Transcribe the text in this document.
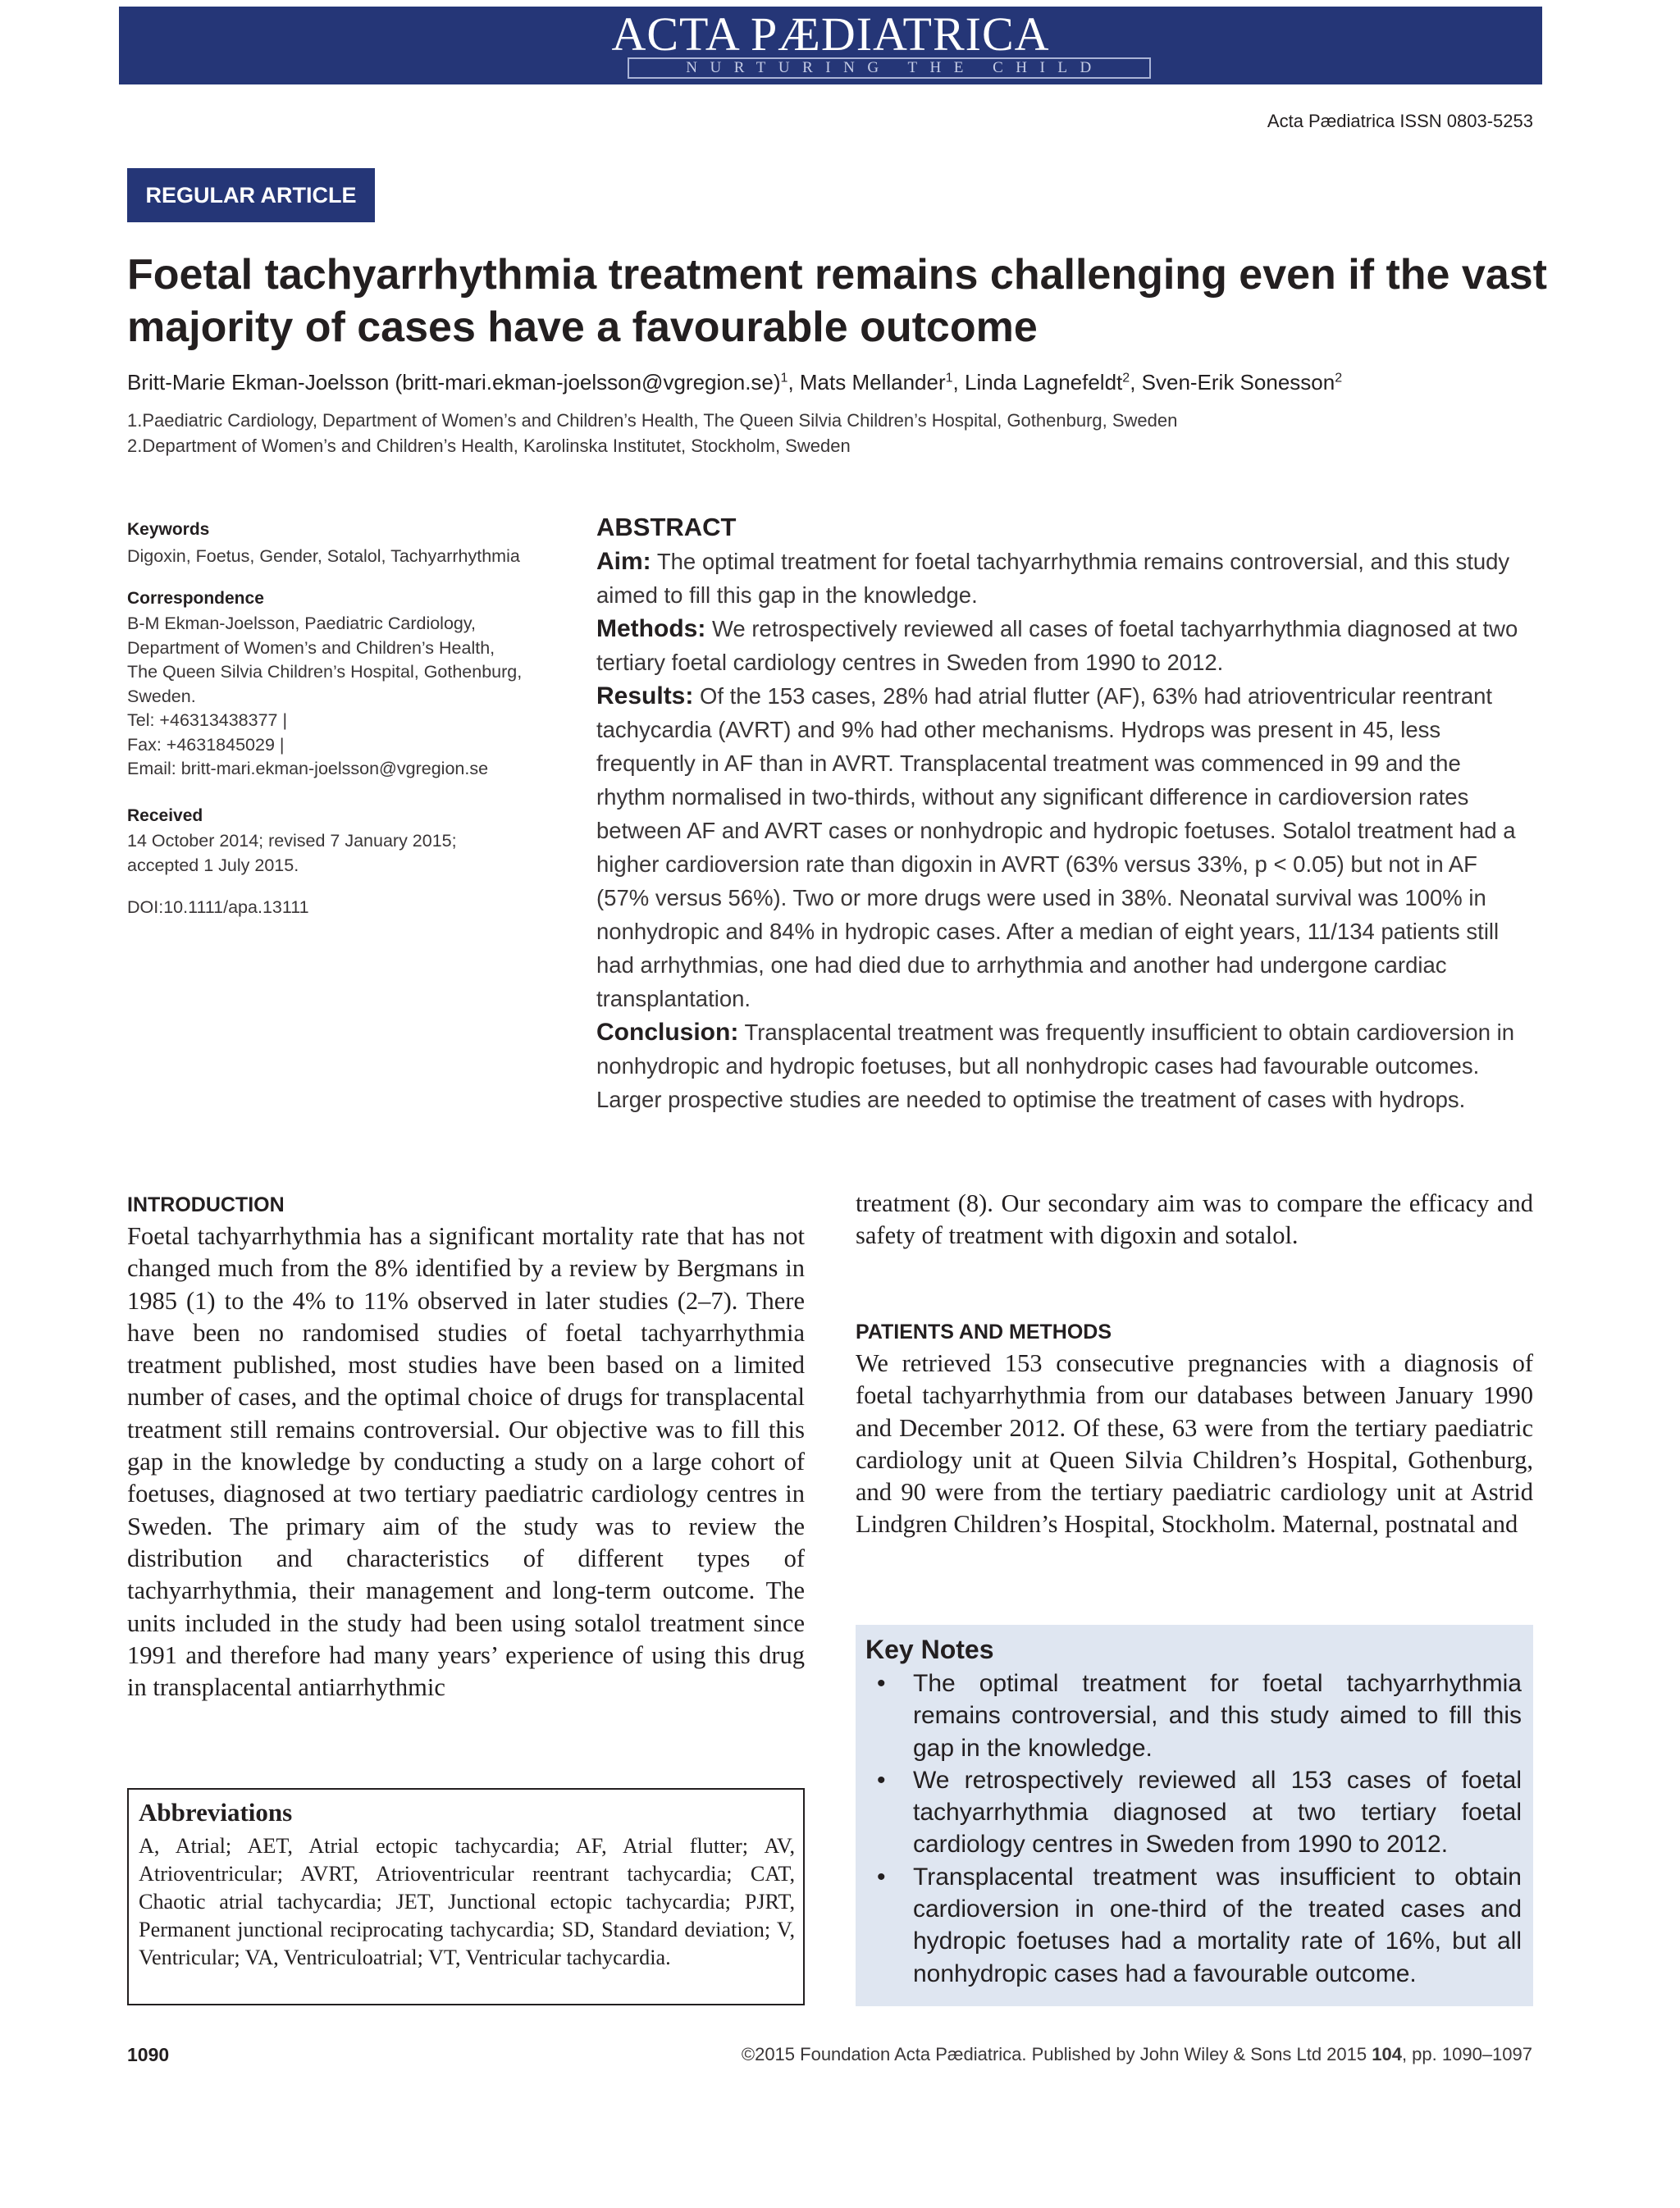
ACTA PÆDIATRICA
NURTURING THE CHILD
Acta Pædiatrica ISSN 0803-5253
REGULAR ARTICLE
Foetal tachyarrhythmia treatment remains challenging even if the vast majority of cases have a favourable outcome
Britt-Marie Ekman-Joelsson (britt-mari.ekman-joelsson@vgregion.se)$^1$, Mats Mellander$^1$, Linda Lagnefeldt$^2$, Sven-Erik Sonesson$^2$
1.Paediatric Cardiology, Department of Women’s and Children’s Health, The Queen Silvia Children’s Hospital, Gothenburg, Sweden
2.Department of Women’s and Children’s Health, Karolinska Institutet, Stockholm, Sweden
Keywords
Digoxin, Foetus, Gender, Sotalol, Tachyarrhythmia
Correspondence
B-M Ekman-Joelsson, Paediatric Cardiology,
Department of Women’s and Children’s Health,
The Queen Silvia Children’s Hospital, Gothenburg,
Sweden.
Tel: +46313438377 |
Fax: +4631845029 |
Email: britt-mari.ekman-joelsson@vgregion.se
Received
14 October 2014; revised 7 January 2015;
accepted 1 July 2015.
DOI:10.1111/apa.13111
ABSTRACT

Aim: The optimal treatment for foetal tachyarrhythmia remains controversial, and this study aimed to fill this gap in the knowledge.

Methods: We retrospectively reviewed all cases of foetal tachyarrhythmia diagnosed at two tertiary foetal cardiology centres in Sweden from 1990 to 2012.

Results: Of the 153 cases, 28% had atrial flutter (AF), 63% had atrioventricular reentrant tachycardia (AVRT) and 9% had other mechanisms. Hydrops was present in 45, less frequently in AF than in AVRT. Transplacental treatment was commenced in 99 and the rhythm normalised in two-thirds, without any significant difference in cardioversion rates between AF and AVRT cases or nonhydropic and hydropic foetuses. Sotalol treatment had a higher cardioversion rate than digoxin in AVRT (63% versus 33%, p < 0.05) but not in AF (57% versus 56%). Two or more drugs were used in 38%. Neonatal survival was 100% in nonhydropic and 84% in hydropic cases. After a median of eight years, 11/134 patients still had arrhythmias, one had died due to arrhythmia and another had undergone cardiac transplantation.

Conclusion: Transplacental treatment was frequently insufficient to obtain cardioversion in nonhydropic and hydropic foetuses, but all nonhydropic cases had favourable outcomes. Larger prospective studies are needed to optimise the treatment of cases with hydrops.

INTRODUCTION
Foetal tachyarrhythmia has a significant mortality rate that has not changed much from the 8% identified by a review by Bergmans in 1985 (1) to the 4% to 11% observed in later studies (2–7). There have been no randomised studies of foetal tachyarrhythmia treatment published, most studies have been based on a limited number of cases, and the optimal choice of drugs for transplacental treatment still remains controversial. Our objective was to fill this gap in the knowledge by conducting a study on a large cohort of foetuses, diagnosed at two tertiary paediatric cardiology centres in Sweden. The primary aim of the study was to review the distribution and characteristics of different types of tachyarrhythmia, their management and long-term outcome. The units included in the study had been using sotalol treatment since 1991 and therefore had many years’ experience of using this drug in transplacental antiarrhythmic
Abbreviations
A, Atrial; AET, Atrial ectopic tachycardia; AF, Atrial flutter; AV, Atrioventricular; AVRT, Atrioventricular reentrant tachycardia; CAT, Chaotic atrial tachycardia; JET, Junctional ectopic tachycardia; PJRT, Permanent junctional reciprocating tachycardia; SD, Standard deviation; V, Ventricular; VA, Ventriculoatrial; VT, Ventricular tachycardia.
treatment (8). Our secondary aim was to compare the efficacy and safety of treatment with digoxin and sotalol.
PATIENTS AND METHODS
We retrieved 153 consecutive pregnancies with a diagnosis of foetal tachyarrhythmia from our databases between January 1990 and December 2012. Of these, 63 were from the tertiary paediatric cardiology unit at Queen Silvia Children’s Hospital, Gothenburg, and 90 were from the tertiary paediatric cardiology unit at Astrid Lindgren Children’s Hospital, Stockholm. Maternal, postnatal and
Key Notes
• The optimal treatment for foetal tachyarrhythmia remains controversial, and this study aimed to fill this gap in the knowledge.
• We retrospectively reviewed all 153 cases of foetal tachyarrhythmia diagnosed at two tertiary foetal cardiology centres in Sweden from 1990 to 2012.
• Transplacental treatment was insufficient to obtain cardioversion in one-third of the treated cases and hydropic foetuses had a mortality rate of 16%, but all nonhydropic cases had a favourable outcome.
1090	©2015 Foundation Acta Pædiatrica. Published by John Wiley & Sons Ltd 2015 104, pp. 1090–1097
